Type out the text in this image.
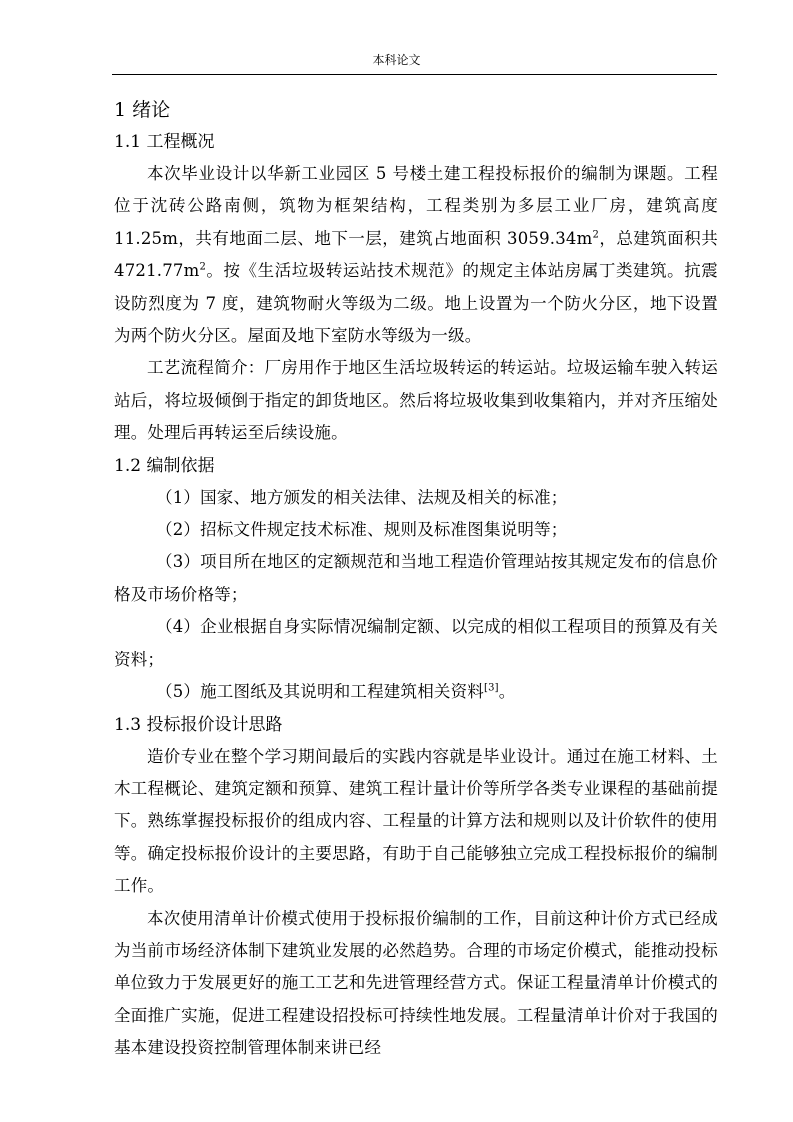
本科论文
1 绪论
1.1 工程概况

本次毕业设计以华新工业园区 5 号楼土建工程投标报价的编制为课题。工程位于沈砖公路南侧，筑物为框架结构，工程类别为多层工业厂房，建筑高度 11.25m，共有地面二层、地下一层，建筑占地面积 $3059.34m^2$，总建筑面积共 $4721.77m^2$。按《生活垃圾转运站技术规范》的规定主体站房属丁类建筑。抗震设防烈度为 7 度，建筑物耐火等级为二级。地上设置为一个防火分区，地下设置为两个防火分区。屋面及地下室防水等级为一级。

工艺流程简介：厂房用作于地区生活垃圾转运的转运站。垃圾运输车驶入转运站后，将垃圾倾倒于指定的卸货地区。然后将垃圾收集到收集箱内，并对齐压缩处理。处理后再转运至后续设施。

1.2 编制依据

（1）国家、地方颁发的相关法律、法规及相关的标准；

（2）招标文件规定技术标准、规则及标准图集说明等；

（3）项目所在地区的定额规范和当地工程造价管理站按其规定发布的信息价格及市场价格等；

（4）企业根据自身实际情况编制定额、以完成的相似工程项目的预算及有关资料；

（5）施工图纸及其说明和工程建筑相关资料[3]。

1.3 投标报价设计思路

造价专业在整个学习期间最后的实践内容就是毕业设计。通过在施工材料、土木工程概论、建筑定额和预算、建筑工程计量计价等所学各类专业课程的基础前提下。熟练掌握投标报价的组成内容、工程量的计算方法和规则以及计价软件的使用等。确定投标报价设计的主要思路，有助于自己能够独立完成工程投标报价的编制工作。

本次使用清单计价模式使用于投标报价编制的工作，目前这种计价方式已经成为当前市场经济体制下建筑业发展的必然趋势。合理的市场定价模式，能推动投标单位致力于发展更好的施工工艺和先进管理经营方式。保证工程量清单计价模式的全面推广实施，促进工程建设招投标可持续性地发展。工程量清单计价对于我国的基本建设投资控制管理体制来讲已经
